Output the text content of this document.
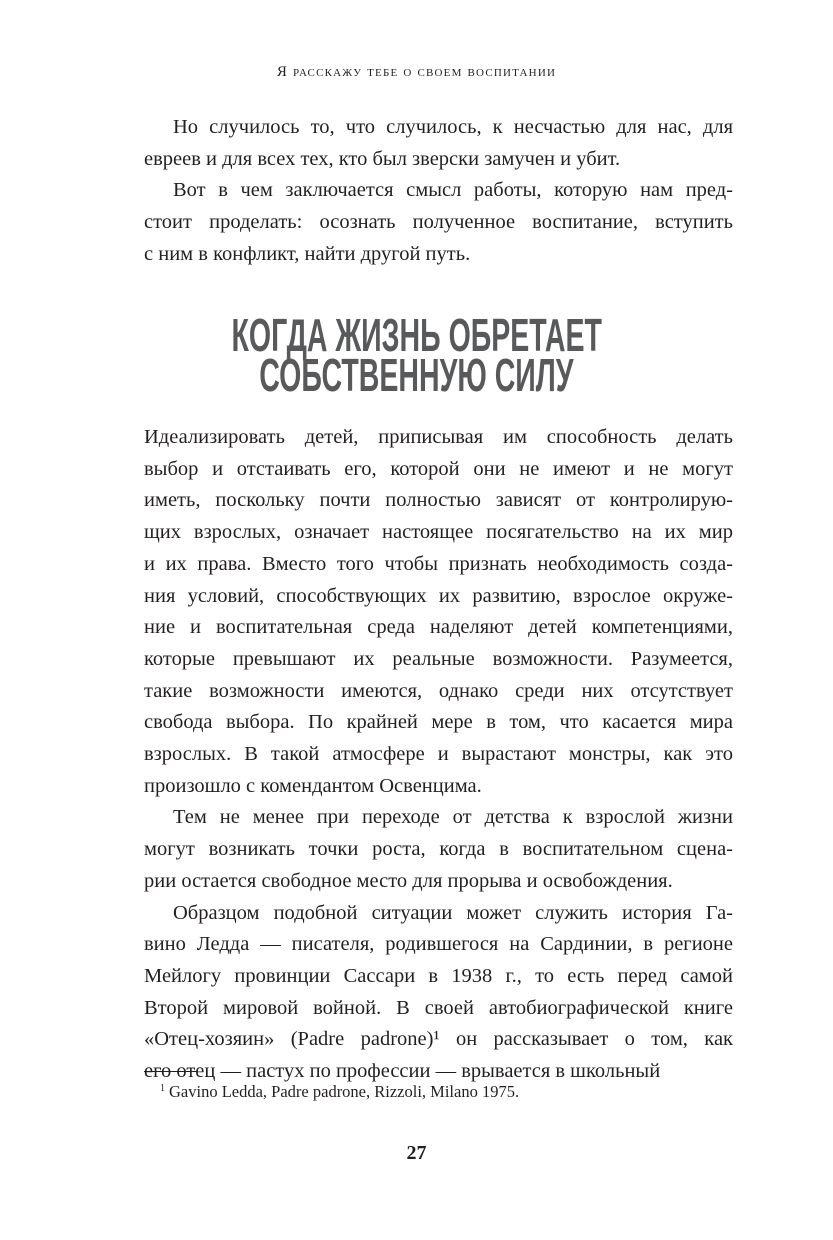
Я расскажу тебе о своем воспитании
Но случилось то, что случилось, к несчастью для нас, для
евреев и для всех тех, кто был зверски замучен и убит.
Вот в чем заключается смысл работы, которую нам пред-
стоит проделать: осознать полученное воспитание, вступить
с ним в конфликт, найти другой путь.
КОГДА ЖИЗНЬ ОБРЕТАЕТ
СОБСТВЕННУЮ СИЛУ
Идеализировать детей, приписывая им способность делать
выбор и отстаивать его, которой они не имеют и не могут
иметь, поскольку почти полностью зависят от контролирую-
щих взрослых, означает настоящее посягательство на их мир
и их права. Вместо того чтобы признать необходимость созда-
ния условий, способствующих их развитию, взрослое окруже-
ние и воспитательная среда наделяют детей компетенциями,
которые превышают их реальные возможности. Разумеется,
такие возможности имеются, однако среди них отсутствует
свобода выбора. По крайней мере в том, что касается мира
взрослых. В такой атмосфере и вырастают монстры, как это
произошло с комендантом Освенцима.
Тем не менее при переходе от детства к взрослой жизни
могут возникать точки роста, когда в воспитательном сцена-
рии остается свободное место для прорыва и освобождения.
Образцом подобной ситуации может служить история Га-
вино Ледда — писателя, родившегося на Сардинии, в регионе
Мейлогу провинции Сассари в 1938 г., то есть перед самой
Второй мировой войной. В своей автобиографической книге
«Отец-хозяин» (Padre padrone)¹ он рассказывает о том, как
его отец — пастух по профессии — врывается в школьный
$^1$ Gavino Ledda, Padre padrone, Rizzoli, Milano 1975.
27
